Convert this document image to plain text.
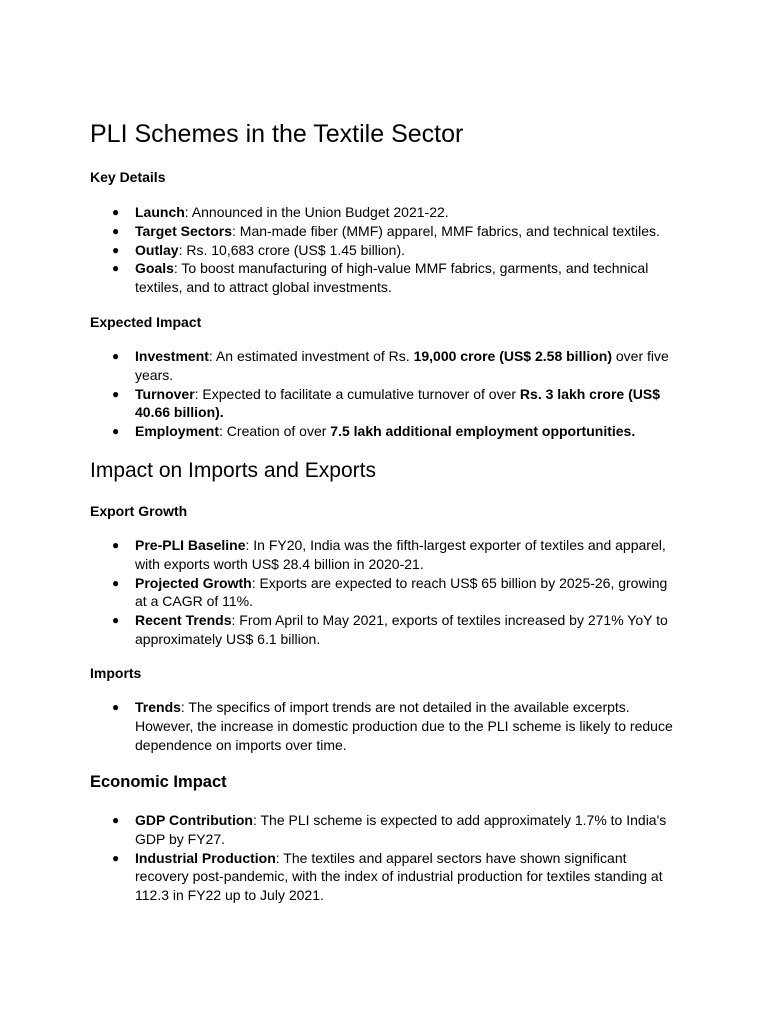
PLI Schemes in the Textile Sector
Key Details
● Launch: Announced in the Union Budget 2021-22.
● Target Sectors: Man-made fiber (MMF) apparel, MMF fabrics, and technical textiles.
● Outlay: Rs. 10,683 crore (US$ 1.45 billion).
● Goals: To boost manufacturing of high-value MMF fabrics, garments, and technical textiles, and to attract global investments.
Expected Impact
● Investment: An estimated investment of Rs. 19,000 crore (US$ 2.58 billion) over five years.
● Turnover: Expected to facilitate a cumulative turnover of over Rs. 3 lakh crore (US$ 40.66 billion).
● Employment: Creation of over 7.5 lakh additional employment opportunities.
Impact on Imports and Exports
Export Growth
● Pre-PLI Baseline: In FY20, India was the fifth-largest exporter of textiles and apparel, with exports worth US$ 28.4 billion in 2020-21.
● Projected Growth: Exports are expected to reach US$ 65 billion by 2025-26, growing at a CAGR of 11%.
● Recent Trends: From April to May 2021, exports of textiles increased by 271% YoY to approximately US$ 6.1 billion.
Imports
● Trends: The specifics of import trends are not detailed in the available excerpts. However, the increase in domestic production due to the PLI scheme is likely to reduce dependence on imports over time.
Economic Impact
● GDP Contribution: The PLI scheme is expected to add approximately 1.7% to India's GDP by FY27.
● Industrial Production: The textiles and apparel sectors have shown significant recovery post-pandemic, with the index of industrial production for textiles standing at 112.3 in FY22 up to July 2021.
